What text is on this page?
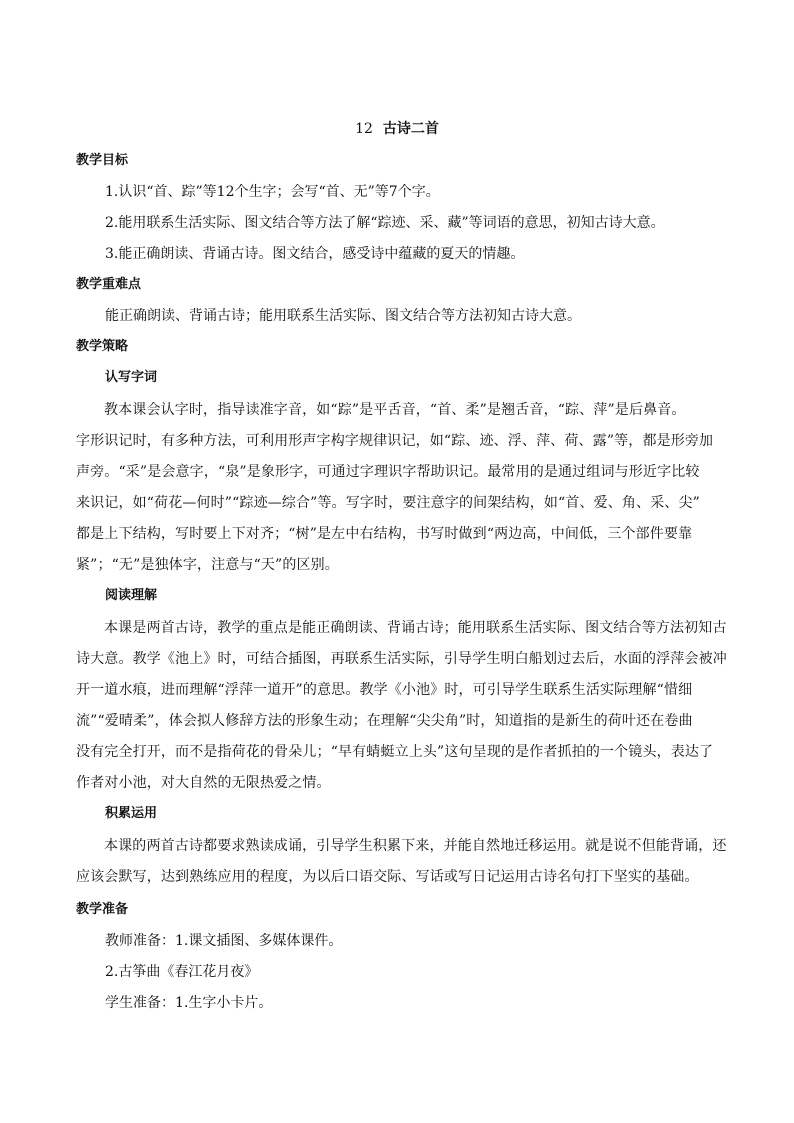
12 古诗二首
教学目标
1.认识“首、踪”等12个生字；会写“首、无”等7个字。
2.能用联系生活实际、图文结合等方法了解“踪迹、采、藏”等词语的意思，初知古诗大意。
3.能正确朗读、背诵古诗。图文结合，感受诗中蕴藏的夏天的情趣。
教学重难点
能正确朗读、背诵古诗；能用联系生活实际、图文结合等方法初知古诗大意。
教学策略
认写字词
教本课会认字时，指导读准字音，如“踪”是平舌音，“首、柔”是翘舌音，“踪、萍”是后鼻音。
字形识记时，有多种方法，可利用形声字构字规律识记，如“踪、迹、浮、萍、荷、露”等，都是形旁加
声旁。“采”是会意字，“泉”是象形字，可通过字理识字帮助识记。最常用的是通过组词与形近字比较
来识记，如“荷花—何时”“踪迹—综合”等。写字时，要注意字的间架结构，如“首、爱、角、采、尖”
都是上下结构，写时要上下对齐；“树”是左中右结构，书写时做到“两边高，中间低，三个部件要靠
紧”；“无”是独体字，注意与“天”的区别。
阅读理解
本课是两首古诗，教学的重点是能正确朗读、背诵古诗；能用联系生活实际、图文结合等方法初知古
诗大意。教学《池上》时，可结合插图，再联系生活实际，引导学生明白船划过去后，水面的浮萍会被冲
开一道水痕，进而理解“浮萍一道开”的意思。教学《小池》时，可引导学生联系生活实际理解“惜细
流”“爱晴柔”，体会拟人修辞方法的形象生动；在理解“尖尖角”时，知道指的是新生的荷叶还在卷曲
没有完全打开，而不是指荷花的骨朵儿；“早有蜻蜓立上头”这句呈现的是作者抓拍的一个镜头，表达了
作者对小池，对大自然的无限热爱之情。
积累运用
本课的两首古诗都要求熟读成诵，引导学生积累下来，并能自然地迁移运用。就是说不但能背诵，还
应该会默写，达到熟练应用的程度，为以后口语交际、写话或写日记运用古诗名句打下坚实的基础。
教学准备
教师准备：1.课文插图、多媒体课件。
2.古筝曲《春江花月夜》
学生准备：1.生字小卡片。
